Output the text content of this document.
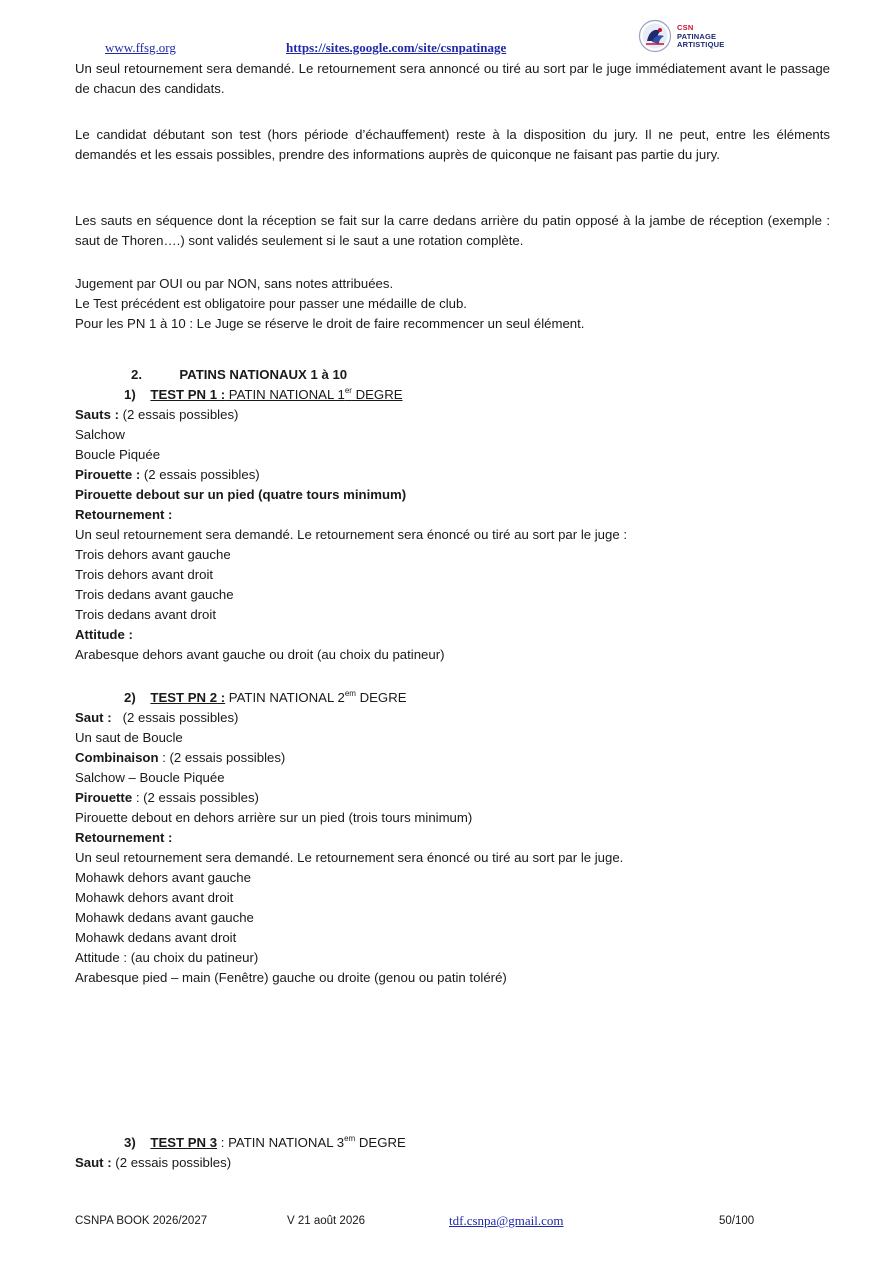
www.ffsg.org	https://sites.google.com/site/csnpatinage
CSN
PATINAGE
ARTISTIQUE

Un seul retournement sera demandé. Le retournement sera annoncé ou tiré au sort par le juge immédiatement avant le passage de chacun des candidats.

Le candidat débutant son test (hors période d’échauffement) reste à la disposition du jury. Il ne peut, entre les éléments demandés et les essais possibles, prendre des informations auprès de quiconque ne faisant pas partie du jury.

Les sauts en séquence dont la réception se fait sur la carre dedans arrière du patin opposé à la jambe de réception (exemple : saut de Thoren….) sont validés seulement si le saut a une rotation complète.

Jugement par OUI ou par NON, sans notes attribuées.

Le Test précédent est obligatoire pour passer une médaille de club.

Pour les PN 1 à 10 : Le Juge se réserve le droit de faire recommencer un seul élément.

2.	PATINS NATIONAUX 1 à 10
1) TEST PN 1 : PATIN NATIONAL 1er DEGRE

Sauts : (2 essais possibles)

Salchow

Boucle Piquée

Pirouette : (2 essais possibles)

Pirouette debout sur un pied (quatre tours minimum)

Retournement :

Un seul retournement sera demandé. Le retournement sera énoncé ou tiré au sort par le juge :

Trois dehors avant gauche

Trois dehors avant droit

Trois dedans avant gauche

Trois dedans avant droit

Attitude :

Arabesque dehors avant gauche ou droit (au choix du patineur)

2) TEST PN 2 : PATIN NATIONAL $2^{em}$ DEGRE

Saut :   (2 essais possibles)

Un saut de Boucle

Combinaison : (2 essais possibles)

Salchow – Boucle Piquée

Pirouette : (2 essais possibles)

Pirouette debout en dehors arrière sur un pied (trois tours minimum)

Retournement :

Un seul retournement sera demandé. Le retournement sera énoncé ou tiré au sort par le juge.

Mohawk dehors avant gauche

Mohawk dehors avant droit

Mohawk dedans avant gauche

Mohawk dedans avant droit

Attitude : (au choix du patineur)

Arabesque pied – main (Fenêtre) gauche ou droite (genou ou patin toléré)

3) TEST PN 3 : PATIN NATIONAL $3^{em}$ DEGRE

Saut : (2 essais possibles)

CSNPA BOOK 2026/2027	V 21 août 2026	tdf.csnpa@gmail.com	50/100
